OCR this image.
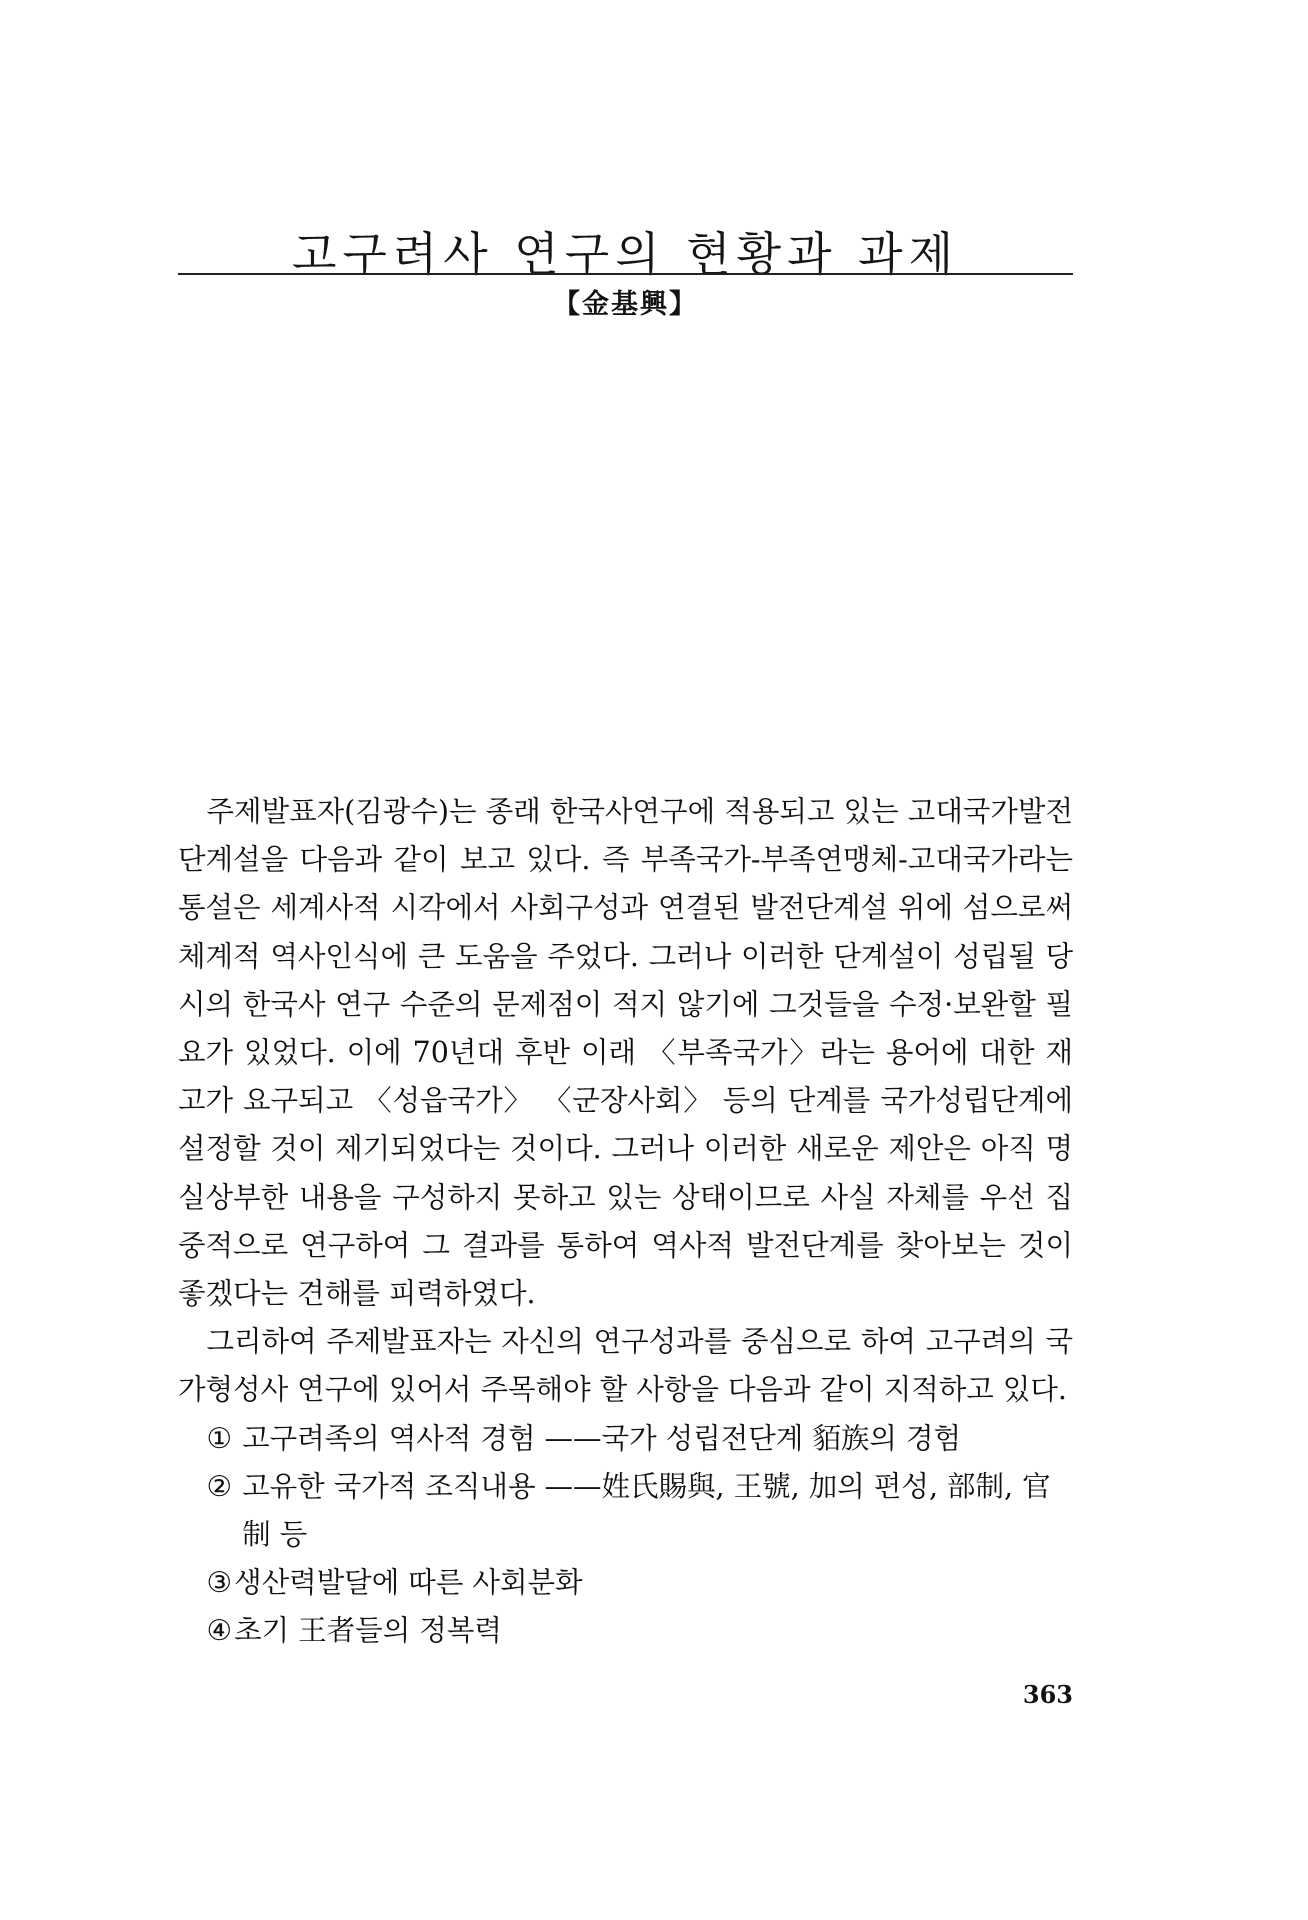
고구려사 연구의 현황과 과제
【金基興】

주제발표자(김광수)는 종래 한국사연구에 적용되고 있는 고대국가발전단계설을 다음과 같이 보고 있다. 즉 부족국가-부족연맹체-고대국가라는 통설은 세계사적 시각에서 사회구성과 연결된 발전단계설 위에 섬으로써 체계적 역사인식에 큰 도움을 주었다. 그러나 이러한 단계설이 성립될 당시의 한국사 연구 수준의 문제점이 적지 않기에 그것들을 수정·보완할 필요가 있었다. 이에 70년대 후반 이래 〈부족국가〉라는 용어에 대한 재고가 요구되고 〈성읍국가〉 〈군장사회〉 등의 단계를 국가성립단계에 설정할 것이 제기되었다는 것이다. 그러나 이러한 새로운 제안은 아직 명실상부한 내용을 구성하지 못하고 있는 상태이므로 사실 자체를 우선 집중적으로 연구하여 그 결과를 통하여 역사적 발전단계를 찾아보는 것이 좋겠다는 견해를 피력하였다.

그리하여 주제발표자는 자신의 연구성과를 중심으로 하여 고구려의 국가형성사 연구에 있어서 주목해야 할 사항을 다음과 같이 지적하고 있다.

① 고구려족의 역사적 경험 ——국가 성립전단계 貊族의 경험
② 고유한 국가적 조직내용 ——姓氏賜與, 王號, 加의 편성, 部制, 官制 등
③ 생산력발달에 따른 사회분화
④ 초기 王者들의 정복력
363
